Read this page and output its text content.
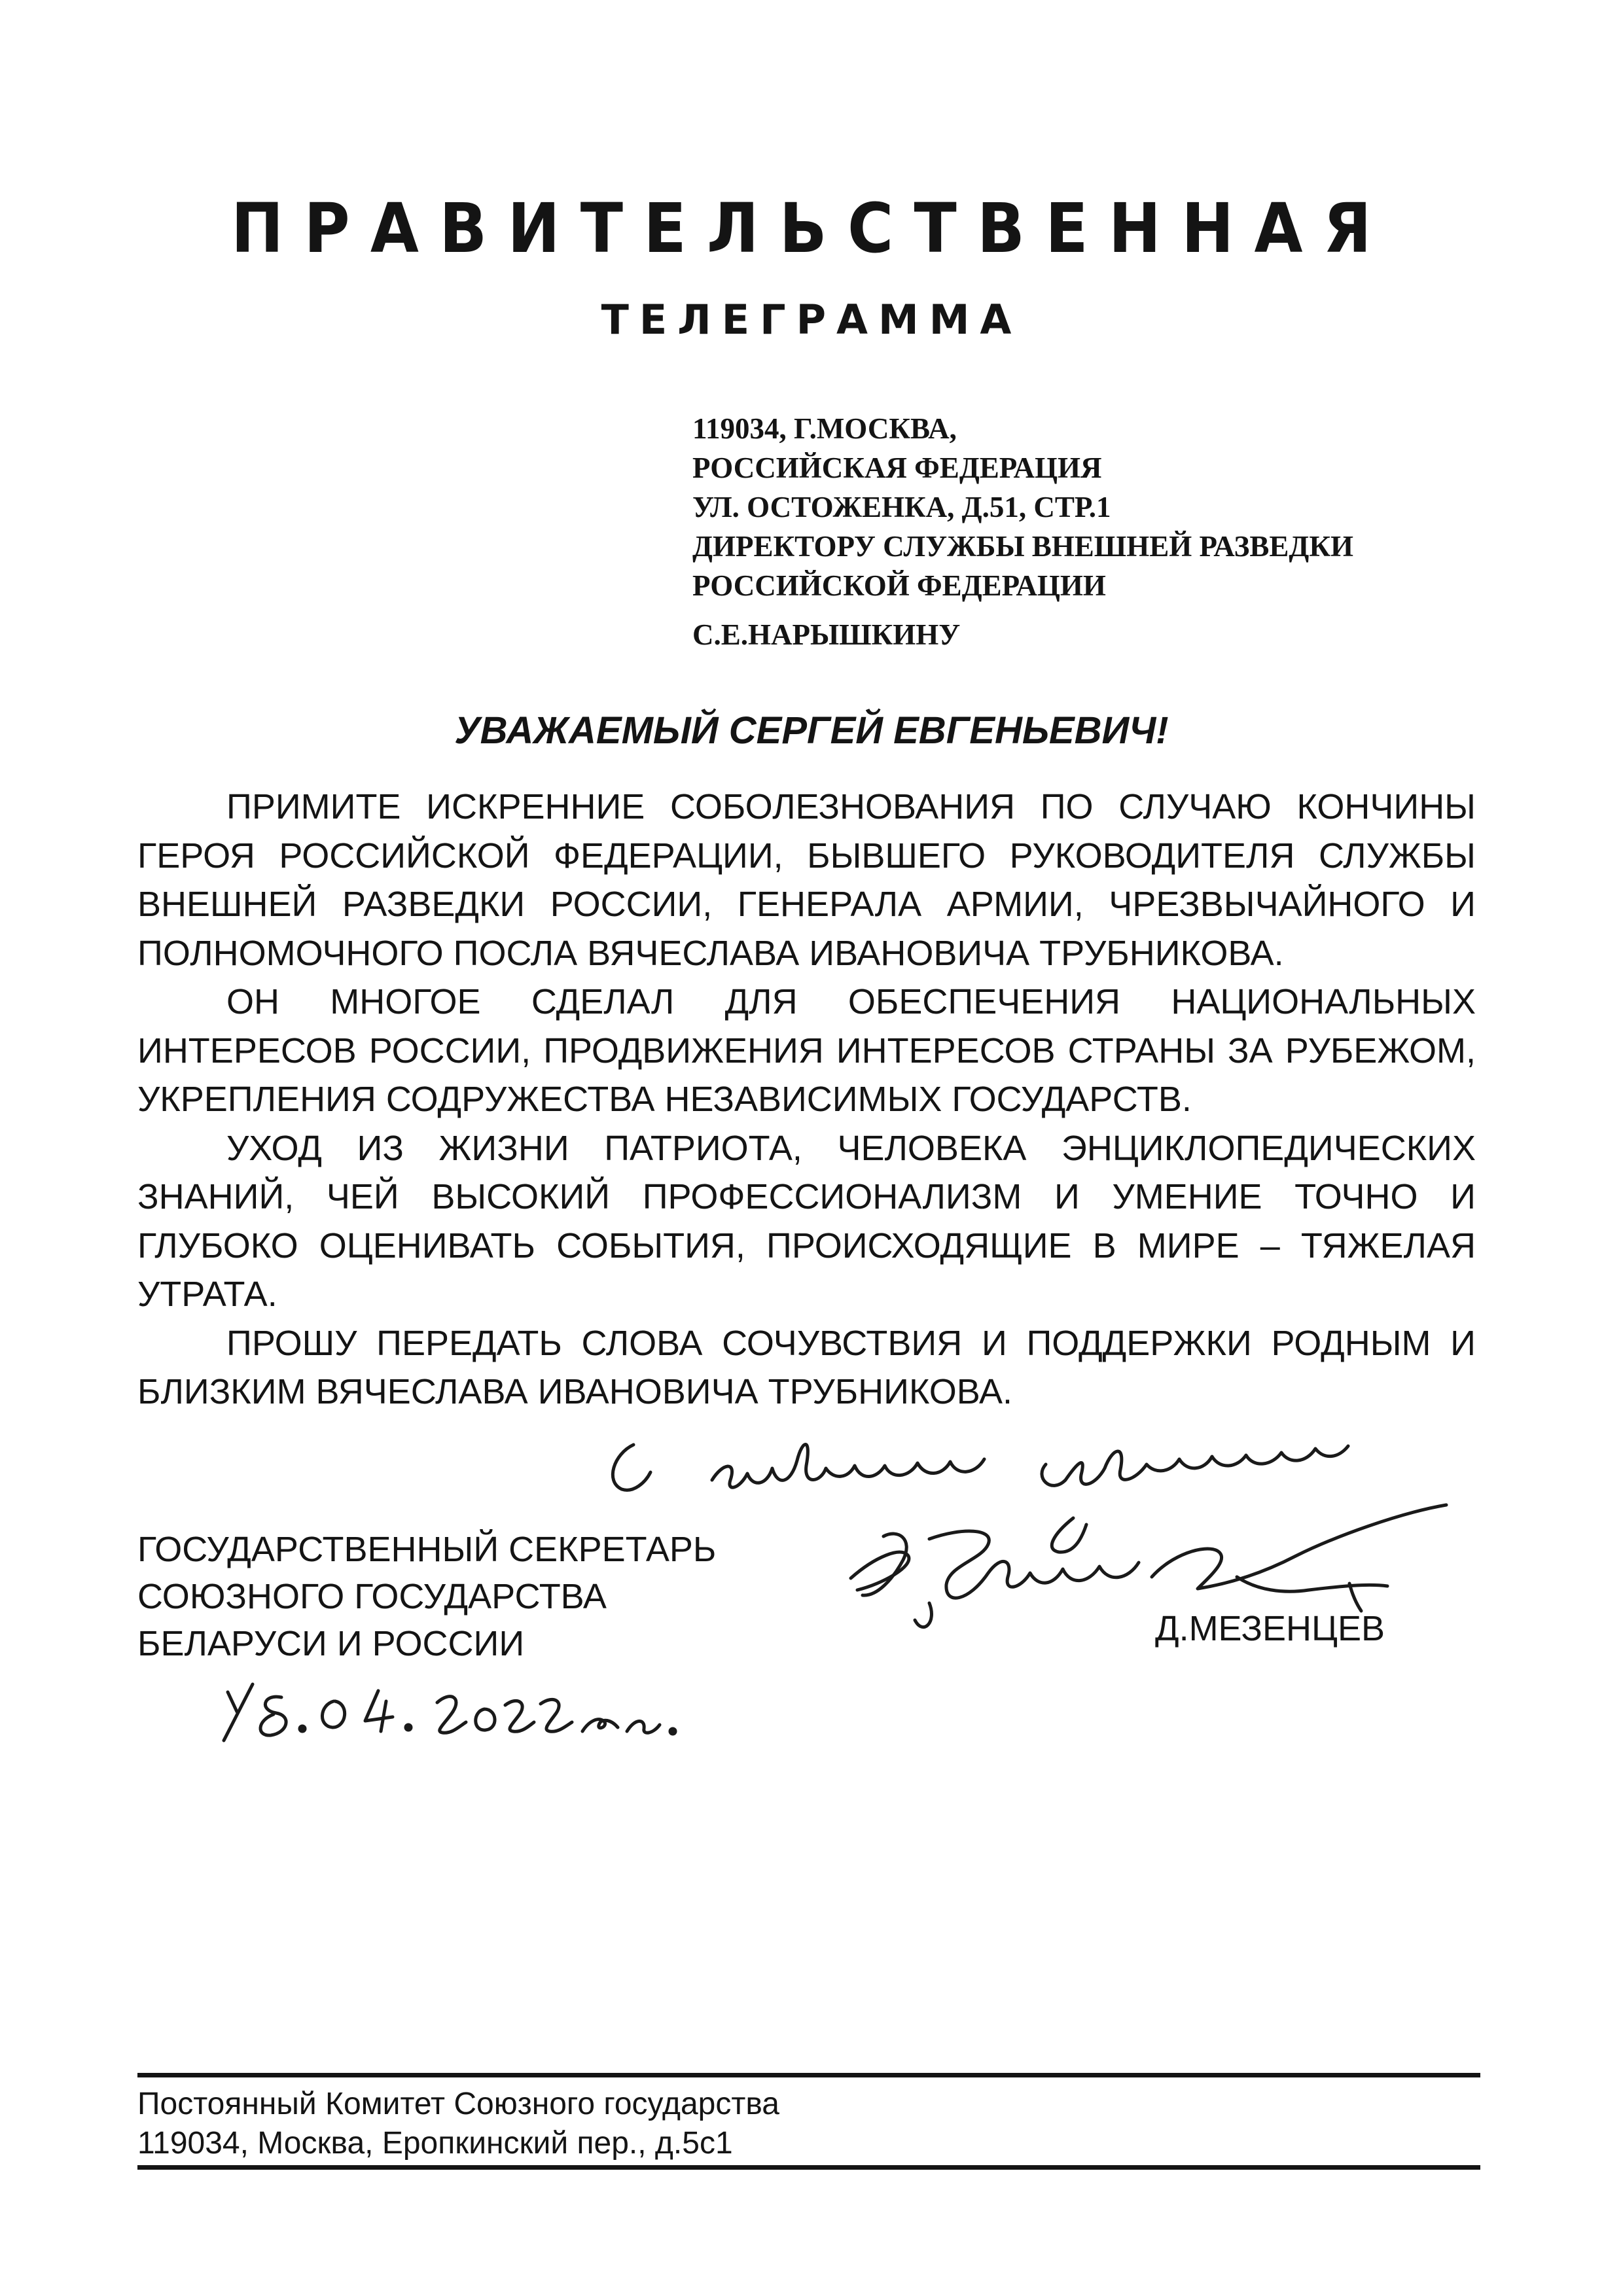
ПРАВИТЕЛЬСТВЕННАЯ
ТЕЛЕГРАММА
119034, Г.МОСКВА,
РОССИЙСКАЯ ФЕДЕРАЦИЯ
УЛ. ОСТОЖЕНКА, Д.51, СТР.1
ДИРЕКТОРУ СЛУЖБЫ ВНЕШНЕЙ РАЗВЕДКИ
РОССИЙСКОЙ ФЕДЕРАЦИИ
С.Е.НАРЫШКИНУ

УВАЖАЕМЫЙ СЕРГЕЙ ЕВГЕНЬЕВИЧ!

ПРИМИТЕ ИСКРЕННИЕ СОБОЛЕЗНОВАНИЯ ПО СЛУЧАЮ КОНЧИНЫ ГЕРОЯ РОССИЙСКОЙ ФЕДЕРАЦИИ, БЫВШЕГО РУКОВОДИТЕЛЯ СЛУЖБЫ ВНЕШНЕЙ РАЗВЕДКИ РОССИИ, ГЕНЕРАЛА АРМИИ, ЧРЕЗВЫЧАЙНОГО И ПОЛНОМОЧНОГО ПОСЛА ВЯЧЕСЛАВА ИВАНОВИЧА ТРУБНИКОВА.

ОН МНОГОЕ СДЕЛАЛ ДЛЯ ОБЕСПЕЧЕНИЯ НАЦИОНАЛЬНЫХ ИНТЕРЕСОВ РОССИИ, ПРОДВИЖЕНИЯ ИНТЕРЕСОВ СТРАНЫ ЗА РУБЕЖОМ, УКРЕПЛЕНИЯ СОДРУЖЕСТВА НЕЗАВИСИМЫХ ГОСУДАРСТВ.

УХОД ИЗ ЖИЗНИ ПАТРИОТА, ЧЕЛОВЕКА ЭНЦИКЛОПЕДИЧЕСКИХ ЗНАНИЙ, ЧЕЙ ВЫСОКИЙ ПРОФЕССИОНАЛИЗМ И УМЕНИЕ ТОЧНО И ГЛУБОКО ОЦЕНИВАТЬ СОБЫТИЯ, ПРОИСХОДЯЩИЕ В МИРЕ – ТЯЖЕЛАЯ УТРАТА.

ПРОШУ ПЕРЕДАТЬ СЛОВА СОЧУВСТВИЯ И ПОДДЕРЖКИ РОДНЫМ И БЛИЗКИМ ВЯЧЕСЛАВА ИВАНОВИЧА ТРУБНИКОВА.

ГОСУДАРСТВЕННЫЙ СЕКРЕТАРЬ
СОЮЗНОГО ГОСУДАРСТВА
БЕЛАРУСИ И РОССИИ	Д.МЕЗЕНЦЕВ
Постоянный Комитет Союзного государства
119034, Москва, Еропкинский пер., д.5с1
